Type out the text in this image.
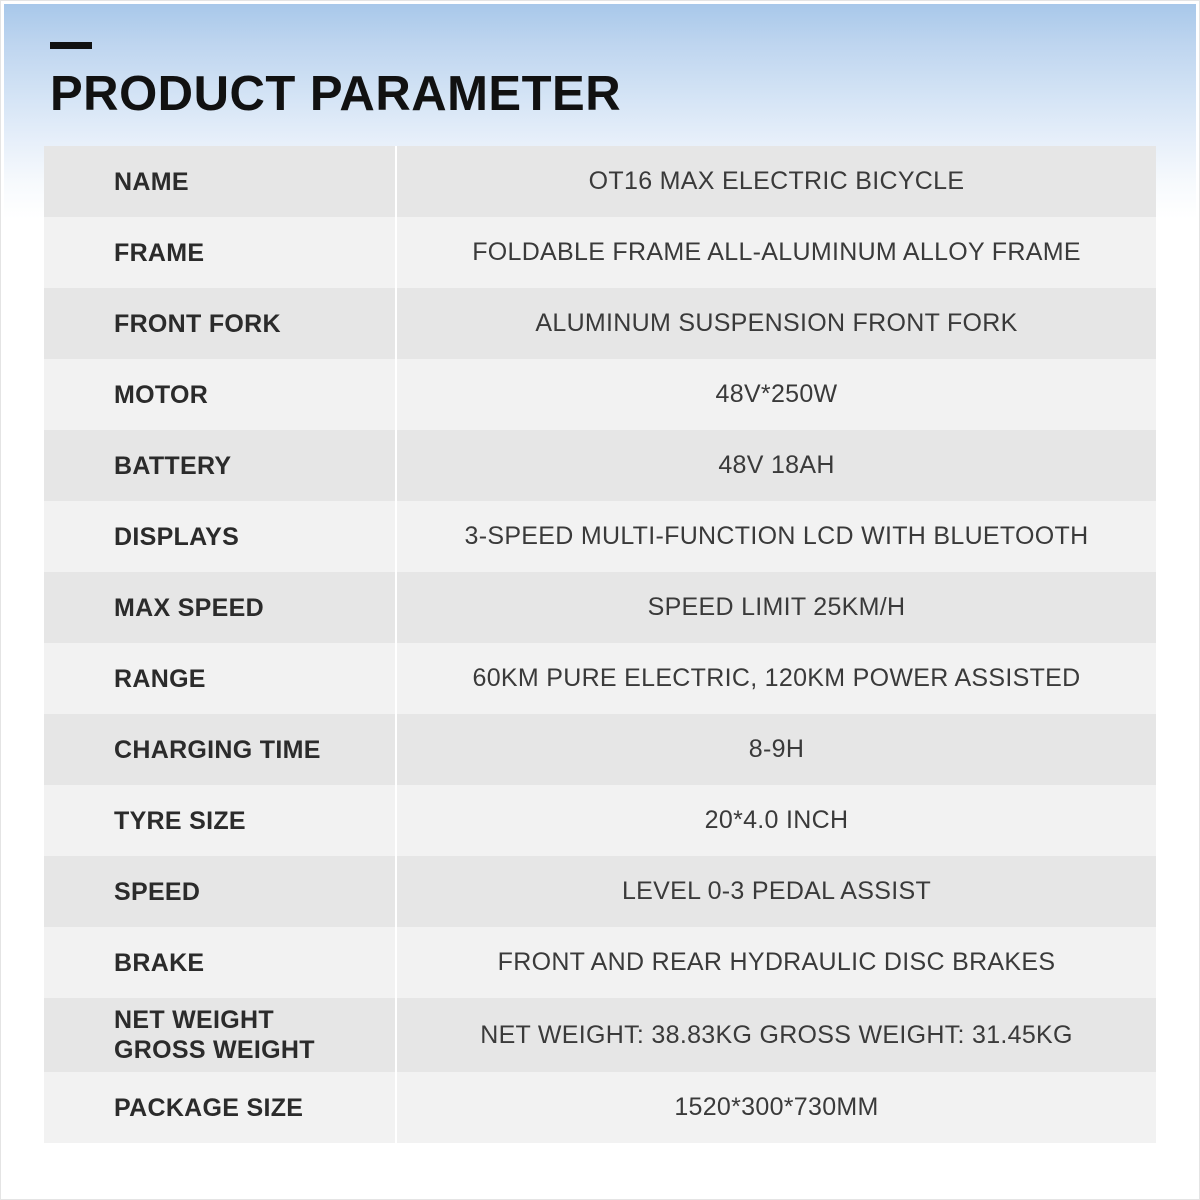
PRODUCT PARAMETER
NAME	OT16 MAX ELECTRIC BICYCLE
FRAME	FOLDABLE FRAME ALL-ALUMINUM ALLOY FRAME
FRONT FORK	ALUMINUM SUSPENSION FRONT FORK
MOTOR	48V*250W
BATTERY	48V 18AH
DISPLAYS	3-SPEED MULTI-FUNCTION LCD WITH BLUETOOTH
MAX SPEED	SPEED LIMIT 25KM/H
RANGE	60KM PURE ELECTRIC, 120KM POWER ASSISTED
CHARGING TIME	8-9H
TYRE SIZE	20*4.0 INCH
SPEED	LEVEL 0-3 PEDAL ASSIST
BRAKE	FRONT AND REAR HYDRAULIC DISC BRAKES
NET WEIGHT
GROSS WEIGHT	NET WEIGHT: 38.83KG GROSS WEIGHT: 31.45KG
PACKAGE SIZE	1520*300*730MM
